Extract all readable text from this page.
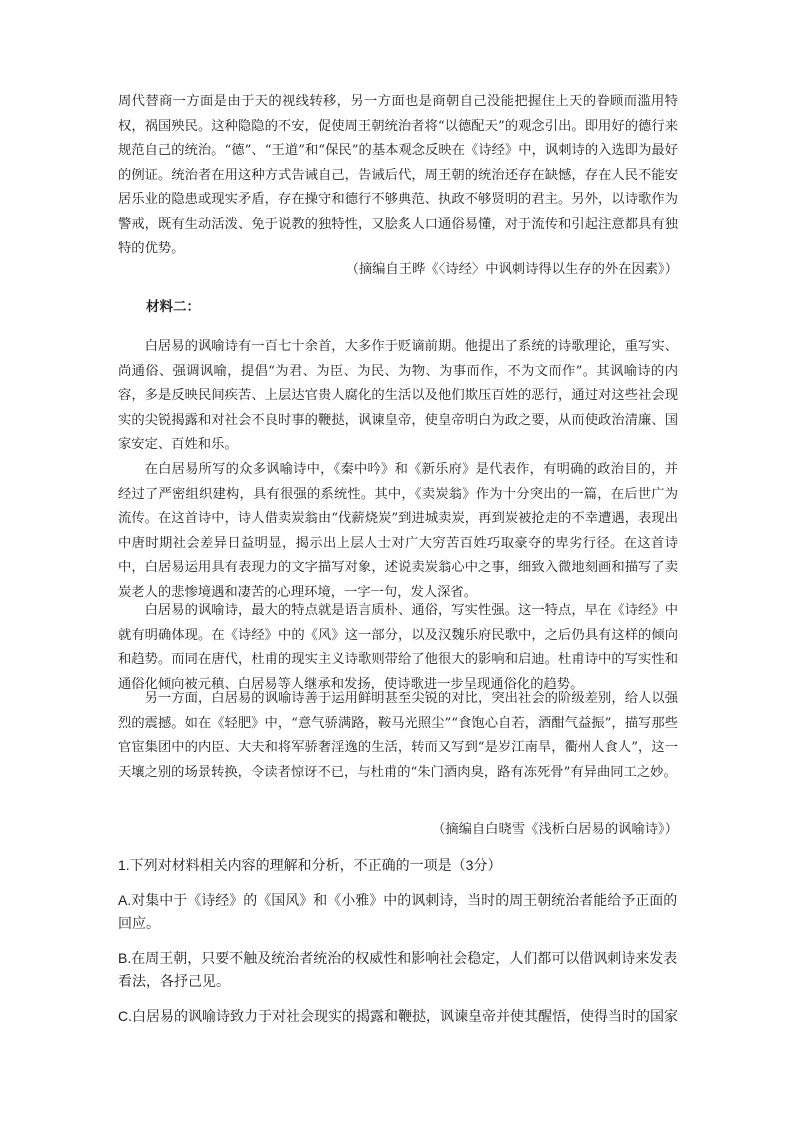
周代替商一方面是由于天的视线转移，另一方面也是商朝自己没能把握住上天的眷顾而滥用特权，祸国殃民。这种隐隐的不安，促使周王朝统治者将“以德配天”的观念引出。即用好的德行来规范自己的统治。“德”、“王道”和“保民”的基本观念反映在《诗经》中，讽刺诗的入选即为最好的例证。统治者在用这种方式告诫自己，告诫后代，周王朝的统治还存在缺憾，存在人民不能安居乐业的隐患或现实矛盾，存在操守和德行不够典范、执政不够贤明的君主。另外，以诗歌作为警戒，既有生动活泼、免于说教的独特性，又脍炙人口通俗易懂，对于流传和引起注意都具有独特的优势。

（摘编自王晔《〈诗经〉中讽刺诗得以生存的外在因素》）

材料二：

白居易的讽喻诗有一百七十余首，大多作于贬谪前期。他提出了系统的诗歌理论，重写实、尚通俗、强调讽喻，提倡“为君、为臣、为民、为物、为事而作，不为文而作”。其讽喻诗的内容，多是反映民间疾苦、上层达官贵人腐化的生活以及他们欺压百姓的恶行，通过对这些社会现实的尖锐揭露和对社会不良时事的鞭挞，讽谏皇帝，使皇帝明白为政之要，从而使政治清廉、国家安定、百姓和乐。

在白居易所写的众多讽喻诗中，《秦中吟》和《新乐府》是代表作，有明确的政治目的，并经过了严密组织建构，具有很强的系统性。其中，《卖炭翁》作为十分突出的一篇，在后世广为流传。在这首诗中，诗人借卖炭翁由“伐薪烧炭”到进城卖炭，再到炭被抢走的不幸遭遇，表现出中唐时期社会差异日益明显，揭示出上层人士对广大穷苦百姓巧取豪夺的卑劣行径。在这首诗中，白居易运用具有表现力的文字描写对象，述说卖炭翁心中之事，细致入微地刻画和描写了卖炭老人的悲惨境遇和凄苦的心理环境，一字一句，发人深省。

白居易的讽喻诗，最大的特点就是语言质朴、通俗，写实性强。这一特点，早在《诗经》中就有明确体现。在《诗经》中的《风》这一部分，以及汉魏乐府民歌中，之后仍具有这样的倾向和趋势。而同在唐代，杜甫的现实主义诗歌则带给了他很大的影响和启迪。杜甫诗中的写实性和通俗化倾向被元稹、白居易等人继承和发扬，使诗歌进一步呈现通俗化的趋势。

另一方面，白居易的讽喻诗善于运用鲜明甚至尖锐的对比，突出社会的阶级差别，给人以强烈的震撼。如在《轻肥》中，“意气骄满路，鞍马光照尘”“食饱心自若，酒酣气益振”，描写那些官宦集团中的内臣、大夫和将军骄奢淫逸的生活，转而又写到“是岁江南旱，衢州人食人”，这一天壤之别的场景转换，令读者惊讶不已，与杜甫的“朱门酒肉臭，路有冻死骨”有异曲同工之妙。

（摘编自白晓雪《浅析白居易的讽喻诗》）

1.下列对材料相关内容的理解和分析，不正确的一项是（3分）

A.对集中于《诗经》的《国风》和《小雅》中的讽刺诗，当时的周王朝统治者能给予正面的回应。

B.在周王朝，只要不触及统治者统治的权威性和影响社会稳定，人们都可以借讽刺诗来发表看法，各抒己见。

C.白居易的讽喻诗致力于对社会现实的揭露和鞭挞，讽谏皇帝并使其醒悟，使得当时的国家
